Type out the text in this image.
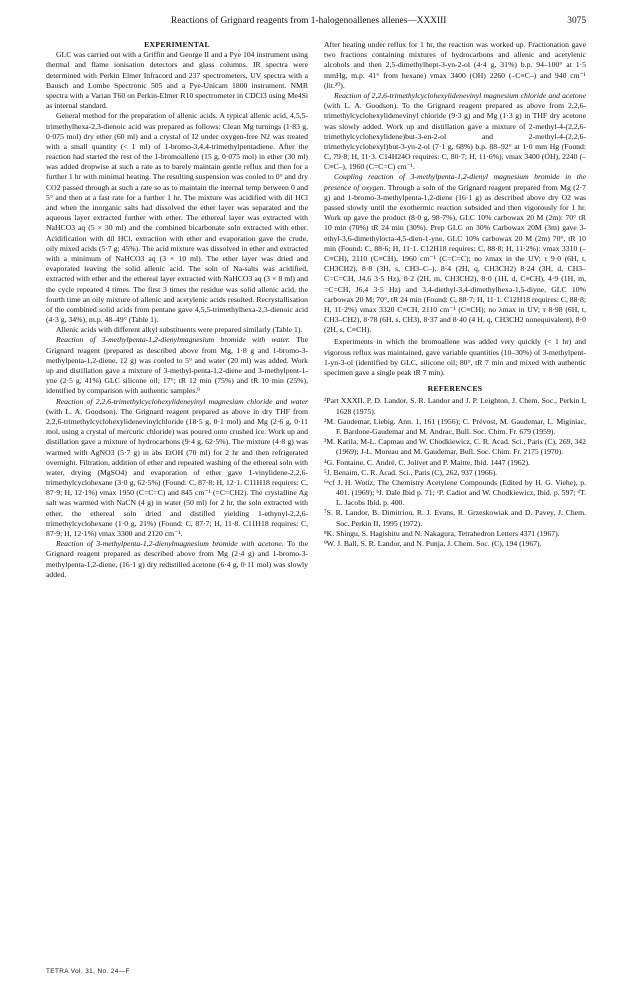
Reactions of Grignard reagents from 1-halogenoallenes allenes—XXXIII	3075

EXPERIMENTAL

GLC was carried out with a Griffin and George II and a Pye 104 instrument using thermal and flame ionisation detectors and glass columns. IR spectra were determined with Perkin Elmer Infracord and 237 spectrometers, UV spectra with a Bausch and Lombe Spectronic 505 and a Pye-Unicam 1800 instrument. NMR spectra with a Varian T60 on Perkin-Elmer R10 spectrometer in CDCl3 using Me4Si as internal standard.

General method for the preparation of allenic acids. A typical allenic acid, 4,5,5-trimethylhexa-2,3-dienoic acid was prepared as follows: Clean Mg turnings (1·83 g, 0·075 mol) dry ether (60 ml) and a crystal of I2 under oxygen-free N2 was treated with a small quantity (< 1 ml) of 1-bromo-3,4,4-trimethylpentadiene. After the reaction had started the rest of the 1-bromoallene (15 g, 0·075 mol) in ether (30 ml) was added dropwise at such a rate as to barely maintain gentle reflux and then for a further 1 hr with minimal heating. The resulting suspension was cooled to 0° and dry CO2 passed through at such a rate so as to maintain the internal temp between 0 and 5° and then at a fast rate for a further 1 hr. The mixture was acidified with dil HCl and when the inorganic salts had dissolved the ether layer was separated and the aqueous layer extracted further with ether. The ethereal layer was extracted with NaHCO3 aq (5 × 30 ml) and the combined bicarbonate soln extracted with ether. Acidification with dil HCl, extraction with ether and evaporation gave the crude, oily mixed acids (5·7 g; 45%). The acid mixture was dissolved in ether and extracted with a minimum of NaHCO3 aq (3 × 10 ml). The ether layer was dried and evaporated leaving the solid allenic acid. The soln of Na-salts was acidified, extracted with ether and the ethereal layer extracted with NaHCO3 aq (3 × 8 ml) and the cycle repeated 4 times. The first 3 times the residue was solid allenic acid, the fourth time an oily mixture of allenic and acetylenic acids resulted. Recrystallisation of the combined solid acids from pentane gave 4,5,5-trimethylhexa-2,3-dienoic acid (4·3 g, 34%), m.p. 48–49° (Table 1).

Allenic acids with different alkyl substituents were prepared similarly (Table 1).

Reaction of 3-methylpenta-1,2-dienylmagnesium bromide with water. The Grignard reagent (prepared as described above from Mg, 1·8 g and 1-bromo-3-methylpenta-1,2-diene, 12 g) was cooled to 5° and water (20 ml) was added. Work up and distillation gave a mixture of 3-methyl-penta-1,2-diene and 3-methylpent-1-yne (2·5 g, 41%) GLC silicone oil; 17°; tR 12 min (75%) and tR 10 min (25%), identified by comparison with authentic samples.⁹

Reaction of 2,2,6-trimethylcyclohexylideneyinyl magnesium chloride and water (with L. A. Goodson). The Grignard reagent prepared as above in dry THF from 2,2,6-trimethylcyclohexylidenevinylchloride (18·5 g, 0·1 mol) and Mg (2·6 g, 0·11 mol, using a crystal of mercuric chloride) was poured onto crushed ice. Work up and distillation gave a mixture of hydrocarbons (9·4 g, 62·5%). The mixture (4·8 g) was warmed with AgNO3 (5·7 g) in abs EtOH (70 ml) for 2 hr and then refrigerated overnight. Filtration, addition of ether and repeated washing of the ethereal soln with water, drying (MgSO4) and evaporation of ether gave 1-vinylidene-2,2,6-trimethylcyclohexane (3·0 g, 62·5%) (Found: C, 87·8; H, 12·1. C11H18 requires: C, 87·9; H, 12·1%) νmax 1950 (C=C=C) and 845 cm⁻¹ (=C=CH2). The crystalline Ag salt was warmed with NaCN (4 g) in water (50 ml) for 2 hr, the soln extracted with ether, the ethereal soln dried and distilled yielding 1-ethynyl-2,2,6-trimethylcyclohexane (1·0 g, 21%) (Found: C, 87·7; H, 11·8. C11H18 requires: C, 87·9; H, 12·1%) νmax 3300 and 2120 cm⁻¹.

Reaction of 3-methylpenta-1,2-dienylmagnesium bromide with acetone. To the Grignard reagent prepared as described above from Mg (2·4 g) and 1-bromo-3-methylpenta-1,2-diene, (16·1 g) dry redistilled acetone (6·4 g, 0·11 mol) was slowly added.

After heating under reflux for 1 hr, the reaction was worked up. Fractionation gave two fractions containing mixtures of hydrocarbons and allenic and acetylenic alcohols and then 2,5-dimethylhept-3-yn-2-ol (4·4 g, 31%) b.p. 94–100° at 1·5 mmHg, m.p. 41° from hexane) νmax 3400 (OH) 2260 (–C≡C–) and 940 cm⁻¹ (lit.²⁰).

Reaction of 2,2,6-trimethylcyclohexylidenevinyl magnesium chloride and acetone (with L. A. Goodson). To the Grignard reagent prepared as above from 2,2,6-trimethylcyclohexylidenevinyl chloride (9·3 g) and Mg (1·3 g) in THF dry acetone was slowly added. Work up and distillation gave a mixture of 2-methyl-4-(2,2,6-trimethylcyclohexylidene)but-3-en-2-ol and 2-methyl-4-(2,2,6-trimethylcyclohexyl)but-3-yn-2-ol (7·1 g, 68%) b.p. 88–92° at 1·0 mm Hg (Found: C, 79·8; H, 11·3. C14H24O requires: C, 80·7; H, 11·6%), νmax 3400 (OH), 2240 (–C≡C–), 1960 (C=C=C) cm⁻¹.

Coupling reaction of 3-methylpenta-1,2-dienyl magnesium bromide in the presence of oxygen. Through a soln of the Grignard reagent prepared from Mg (2·7 g) and 1-bromo-3-methylpenta-1,2-diene (16·1 g) as described above dry O2 was passed slowly until the exothermic reaction subsided and then vigorously for 1 hr. Work up gave the product (8·0 g, 98·7%), GLC 10% carbowax 20 M (2m): 70° tR 10 min (70%) tR 24 min (30%). Prep GLC on 30% Carbowax 20M (3m) gave 3-ethyl-3,6-dimethylocta-4,5-dien-1-yne, GLC 10% carbowax 20 M (2m) 70°, tR 10 min (Found: C, 88·6; H, 11·1. C12H18 requires: C, 88·8; H, 11·2%): νmax 3310 (–C≡CH), 2110 (C≡CH), 1960 cm⁻¹ (C=C=C); no λmax in the UV; τ 9·0 (6H, t, CH3CH2), 8·8 (3H, s, CH3–C–), 8·4 (2H, q, CH3CH2) 8·24 (3H, d, CH3–C=C=CH, J4,6 3·5 Hz), 8·2 (2H, m, CH3CH2), 8·0 (1H, d, C≡CH), 4·9 (1H, m, =C=CH, J6,4 3·5 Hz) and 3,4-diethyl-3,4-dimethylhexa-1,5-diyne, GLC 10% carbowax 20 M; 70°, tR 24 min (Found: C, 88·7; H, 11·1. C12H18 requires: C, 88·8; H, 11·2%) νmax 3320 C≡CH, 2110 cm⁻¹ (C≡CH); no λmax in UV; τ 8·98 (6H, t, CH3–CH2), 8·78 (6H, s, CH3), 8·37 and 8·40 (4 H, q, CH3CH2 nonequivalent), 8·0 (2H, s, C≡CH).

Experiments in which the bromoallene was added very quickly (< 1 hr) and vigorous reflux was maintained, gave variable quantities (10–30%) of 3-methylpent-1-yn-3-ol (identified by GLC, silicone oil; 80°, tR 7 min and mixed with authentic specimen gave a single peak tR 7 min).

REFERENCES

¹Part XXXII. P. D. Landor, S. R. Landor and J. P. Leighton, J. Chem. Soc., Perkin I, 1628 (1975).

²M. Gaudemar, Liebig. Ann. 1, 161 (1956); C. Prévost, M. Gaudemar, L. Miginiac, F. Bardone-Gaudemar and M. Andrac, Bull. Soc. Chim. Fr. 679 (1959).

³M. Karila, M-L. Capmau and W. Chodkiewicz, C. R. Acad. Sci., Paris (C), 269, 342 (1969); J-L. Moreau and M. Gaudemar, Bull. Soc. Chim. Fr. 2175 (1970).

⁴G. Fontaine, C. André, C. Jolivet and P. Maitte, Ibid. 1447 (1962).

⁵J. Benaim, C. R. Acad. Sci., Paris (C), 262, 937 (1966).

⁶ᵃcf J. H. Wotiz, The Chemistry Acetylene Compounds (Edited by H. G. Viehe), p. 401. (1969); ᵇJ. Dale Ibid p. 71; ᶜP. Cadiot and W. Chodkiewicz, Ibid. p. 597; ᵈT. L. Jacobs Ibid. p. 400.

⁷S. R. Landor, B. Dimitriou, R. J. Evans, R. Grzeskowiak and D. Pavey, J. Chem. Soc. Perkin II, 1995 (1972).

⁸K. Shingu, S. Hagishitu and N. Nakagura, Tetrahedron Letters 4371 (1967).

⁹W. J. Ball, S. R. Landor, and N. Punja, J. Chem. Soc. (C), 194 (1967).

TETRA Vol. 31, No. 24—F
